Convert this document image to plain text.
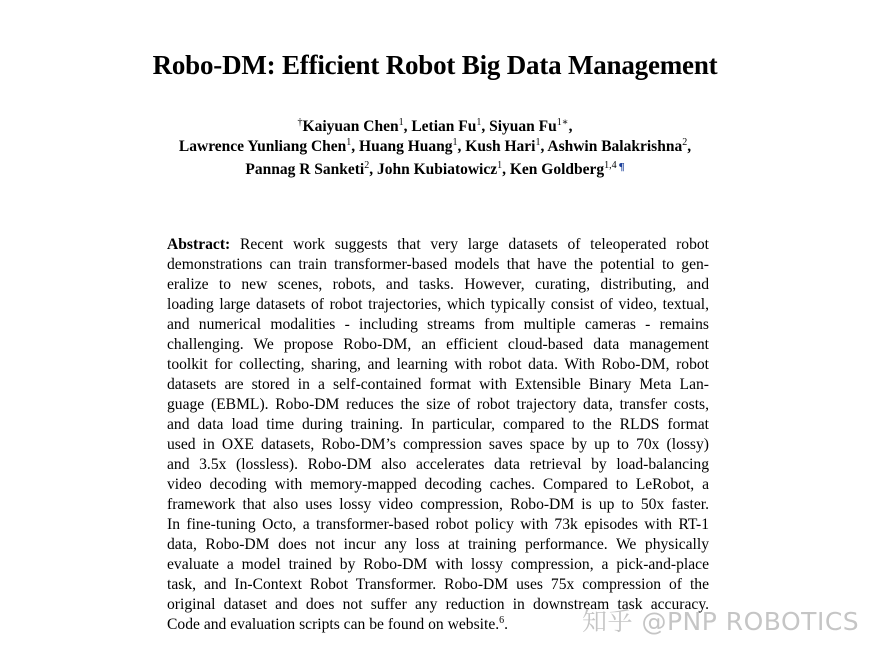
Robo-DM: Efficient Robot Big Data Management
†Kaiyuan Chen$^1$, Letian Fu$^1$, Siyuan $Fu^{1∗}$,
Lawrence Yunliang Chen$^1$, Huang Huang$^1$, Kush Hari$^1$, Ashwin Balakrishna$^2$,
Pannag R Sanketi$^2$, John Kubiatowicz$^1$, Ken Goldberg$^{1,4}$ ¶
Abstract: Recent work suggests that very large datasets of teleoperated robot
demonstrations can train transformer-based models that have the potential to gen-
eralize to new scenes, robots, and tasks. However, curating, distributing, and
loading large datasets of robot trajectories, which typically consist of video, textual,
and numerical modalities - including streams from multiple cameras - remains
challenging. We propose Robo-DM, an efficient cloud-based data management
toolkit for collecting, sharing, and learning with robot data. With Robo-DM, robot
datasets are stored in a self-contained format with Extensible Binary Meta Lan-
guage (EBML). Robo-DM reduces the size of robot trajectory data, transfer costs,
and data load time during training. In particular, compared to the RLDS format
used in OXE datasets, Robo-DM’s compression saves space by up to 70x (lossy)
and 3.5x (lossless). Robo-DM also accelerates data retrieval by load-balancing
video decoding with memory-mapped decoding caches. Compared to LeRobot, a
framework that also uses lossy video compression, Robo-DM is up to 50x faster.
In fine-tuning Octo, a transformer-based robot policy with 73k episodes with RT-1
data, Robo-DM does not incur any loss at training performance. We physically
evaluate a model trained by Robo-DM with lossy compression, a pick-and-place
task, and In-Context Robot Transformer. Robo-DM uses 75x compression of the
original dataset and does not suffer any reduction in downstream task accuracy.
Code and evaluation scripts can be found on website.$^6$.	知乎 @PNP ROBOTICS
